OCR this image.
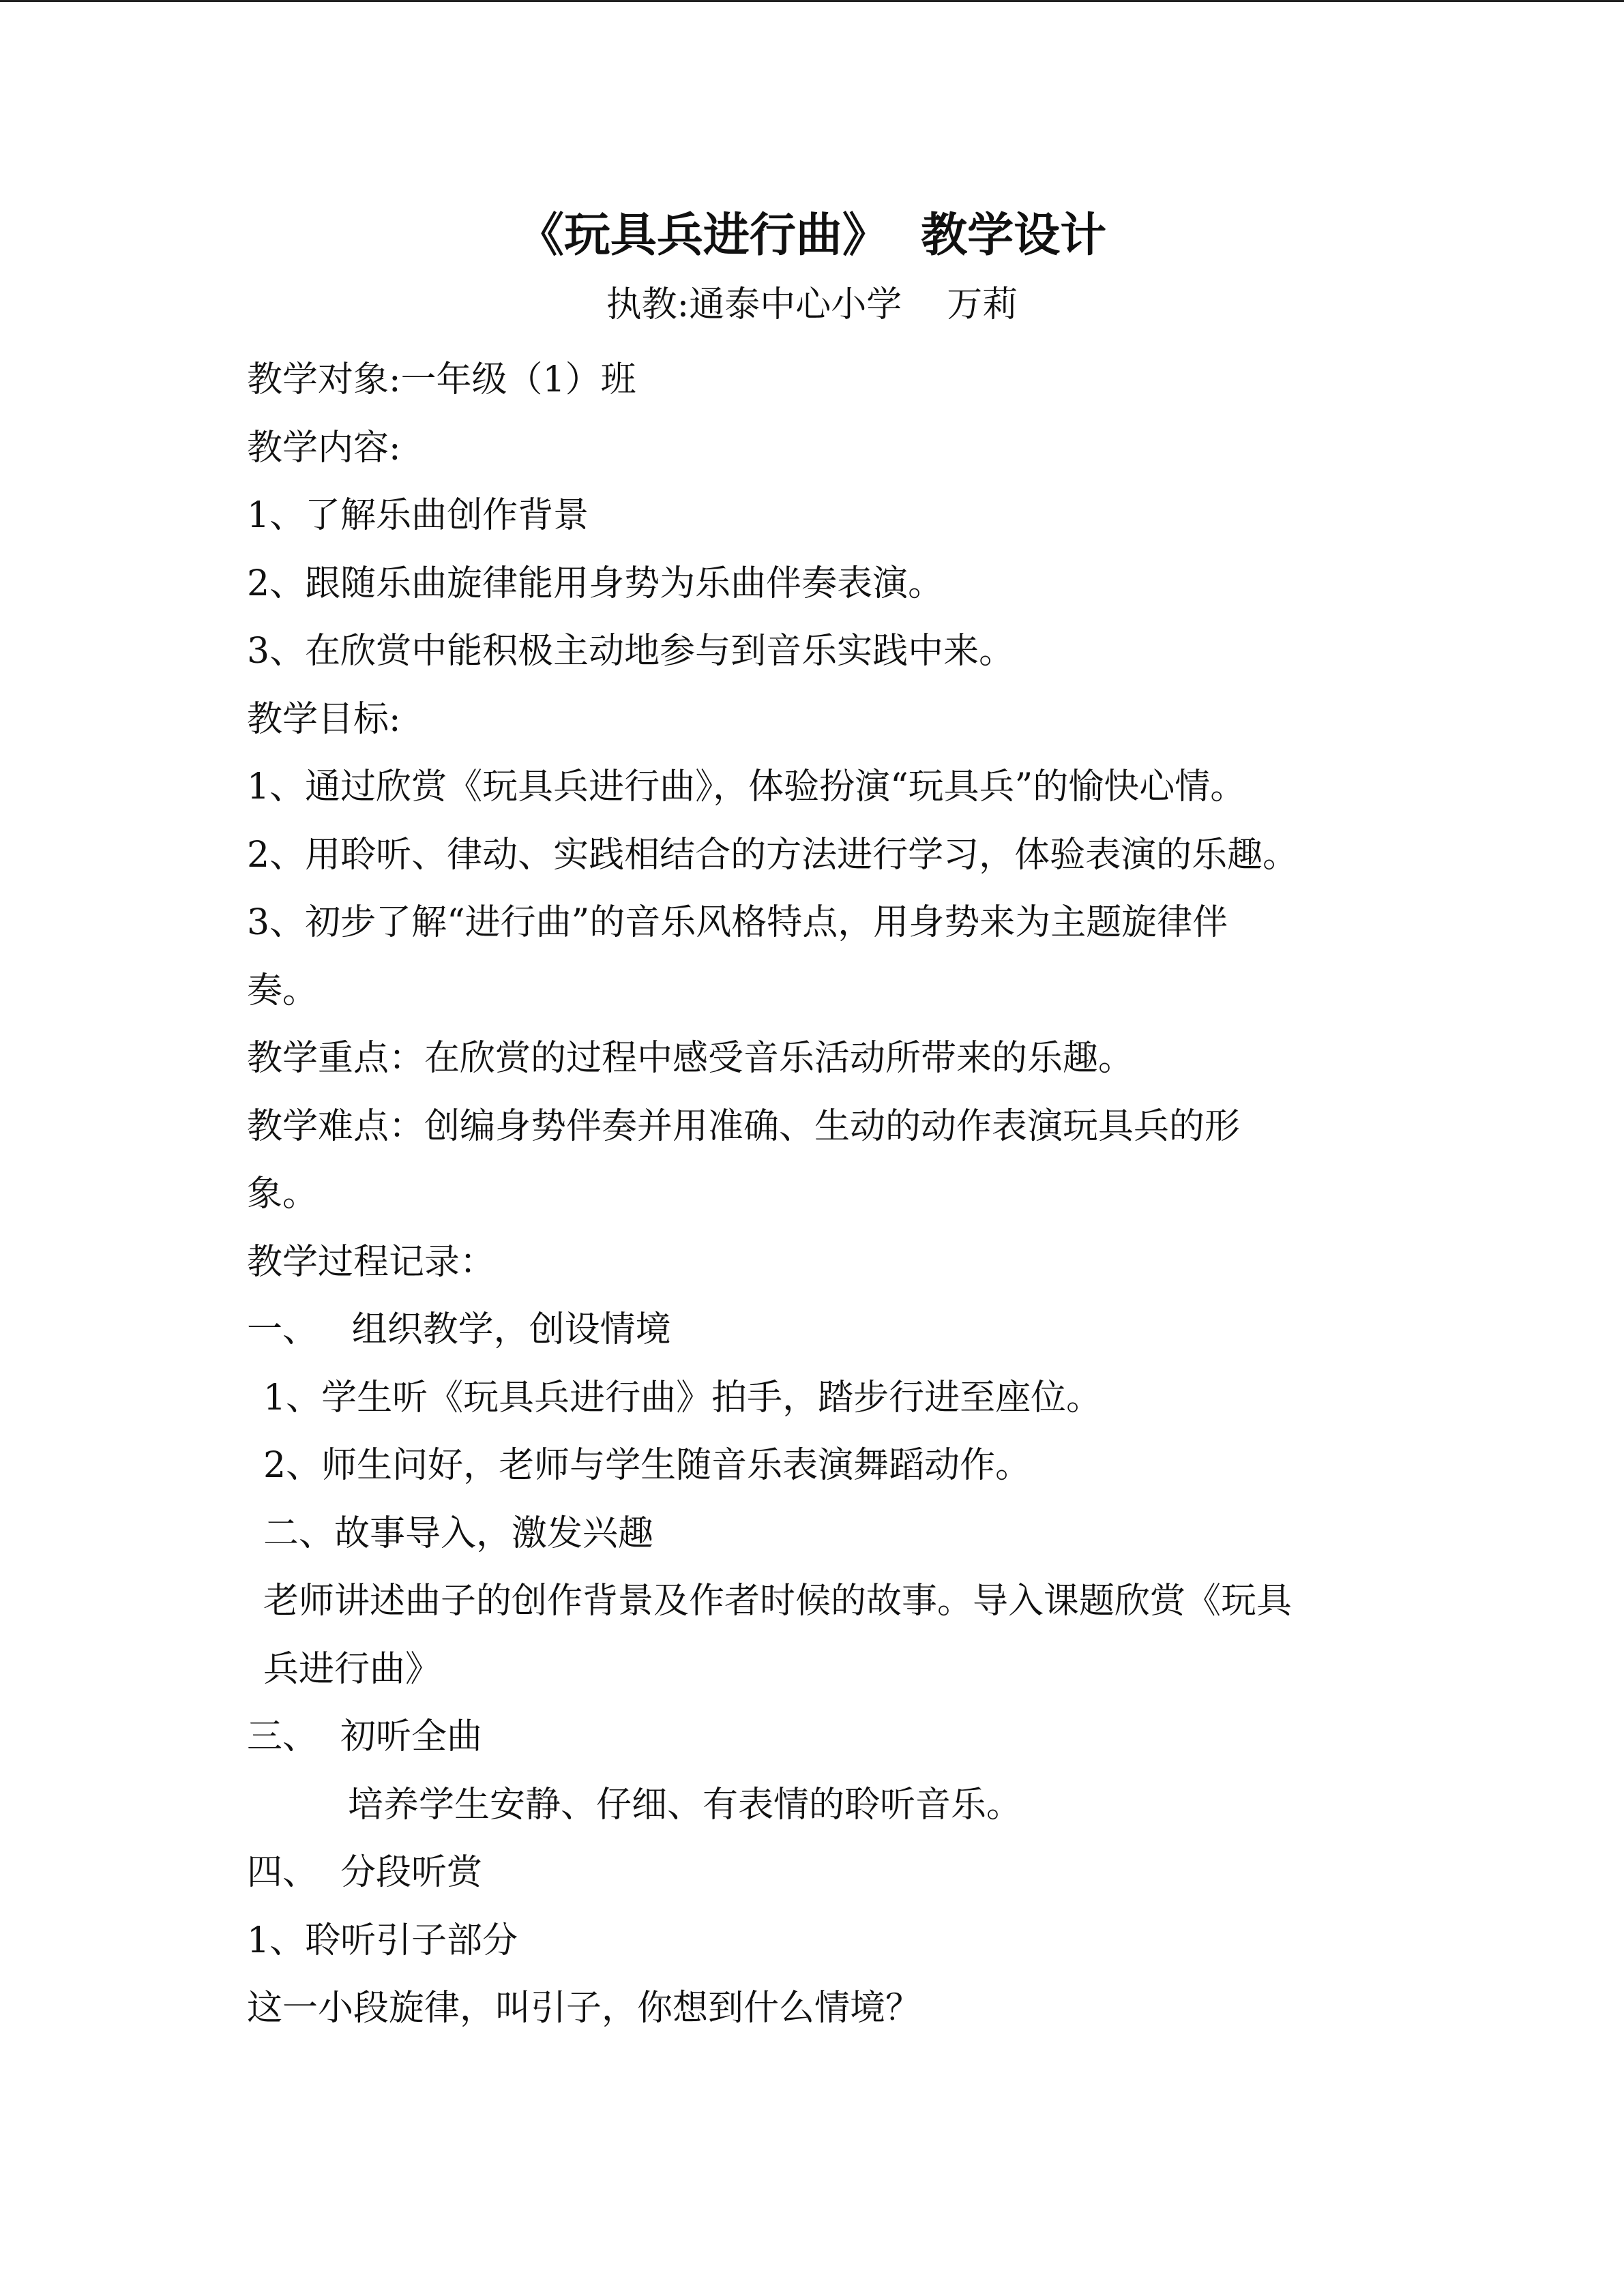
《玩具兵进行曲》  教学设计
执教:通泰中心小学    万莉
教学对象:一年级（1）班
教学内容:
1、了解乐曲创作背景
2、跟随乐曲旋律能用身势为乐曲伴奏表演。
3、在欣赏中能积极主动地参与到音乐实践中来。
教学目标:
1、通过欣赏《玩具兵进行曲》，体验扮演“玩具兵”的愉快心情。
2、用聆听、律动、实践相结合的方法进行学习，体验表演的乐趣。
3、初步了解“进行曲”的音乐风格特点，用身势来为主题旋律伴
奏。
教学重点：在欣赏的过程中感受音乐活动所带来的乐趣。
教学难点：创编身势伴奏并用准确、生动的动作表演玩具兵的形
象。
教学过程记录：
一、   组织教学，创设情境
1、学生听《玩具兵进行曲》拍手，踏步行进至座位。
2、师生问好，老师与学生随音乐表演舞蹈动作。
二、故事导入，激发兴趣
老师讲述曲子的创作背景及作者时候的故事。导入课题欣赏《玩具
兵进行曲》
三、  初听全曲
培养学生安静、仔细、有表情的聆听音乐。
四、  分段听赏
1、聆听引子部分
这一小段旋律，叫引子，你想到什么情境？
